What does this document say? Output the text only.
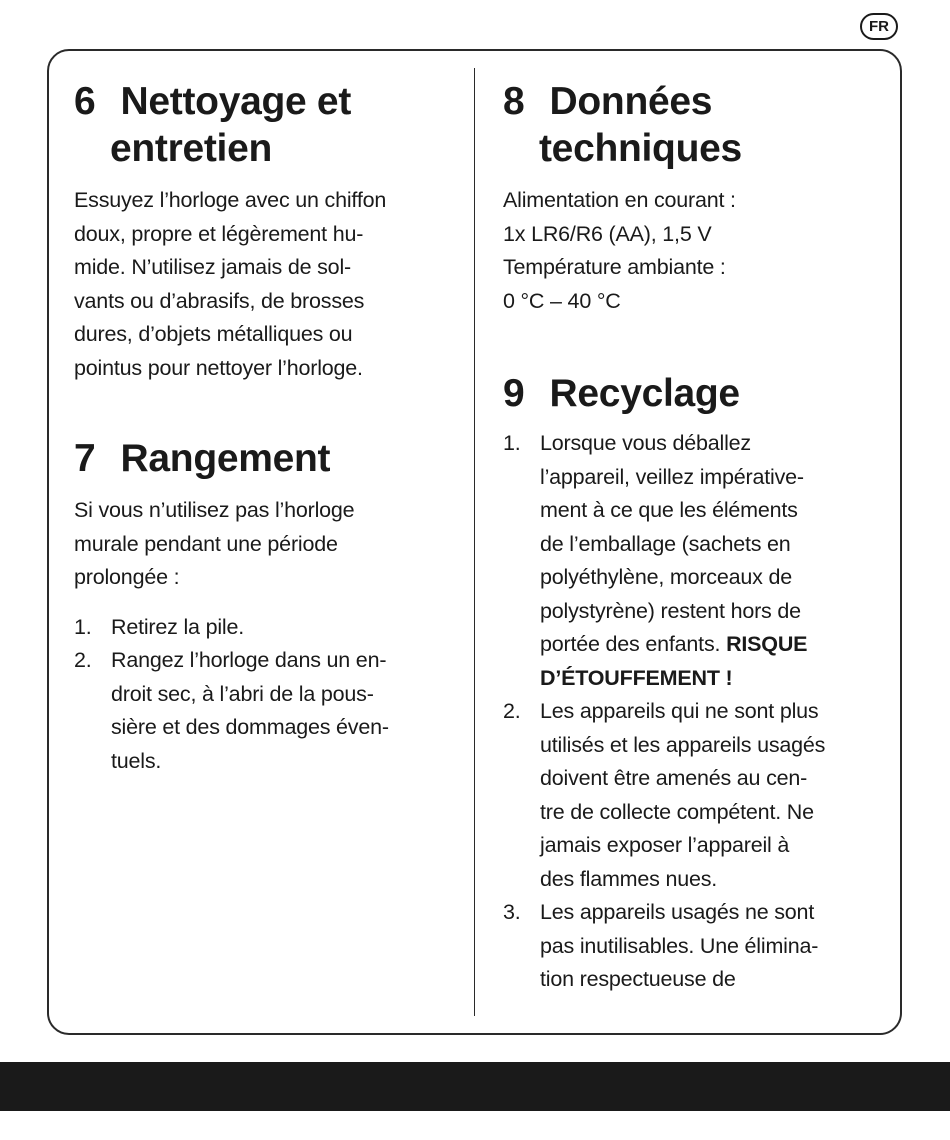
FR
6 Nettoyage et
entretien

Essuyez l’horloge avec un chiffon
doux, propre et légèrement hu-
mide. N’utilisez jamais de sol-
vants ou d’abrasifs, de brosses
dures, d’objets métalliques ou
pointus pour nettoyer l’horloge.

7 Rangement

Si vous n’utilisez pas l’horloge
murale pendant une période
prolongée :

1. Retirez la pile.
2. Rangez l’horloge dans un en-
droit sec, à l’abri de la pous-
sière et des dommages éven-
tuels.
8 Données
techniques

Alimentation en courant :
1x LR6/R6 (AA), 1,5 V
Température ambiante :
0 °C – 40 °C

9 Recyclage
1. Lorsque vous déballez
l’appareil, veillez impérative-
ment à ce que les éléments
de l’emballage (sachets en
polyéthylène, morceaux de
polystyrène) restent hors de
portée des enfants. RISQUE
D’ÉTOUFFEMENT !
2. Les appareils qui ne sont plus
utilisés et les appareils usagés
doivent être amenés au cen-
tre de collecte compétent. Ne
jamais exposer l’appareil à
des flammes nues.
3. Les appareils usagés ne sont
pas inutilisables. Une élimina-
tion respectueuse de
